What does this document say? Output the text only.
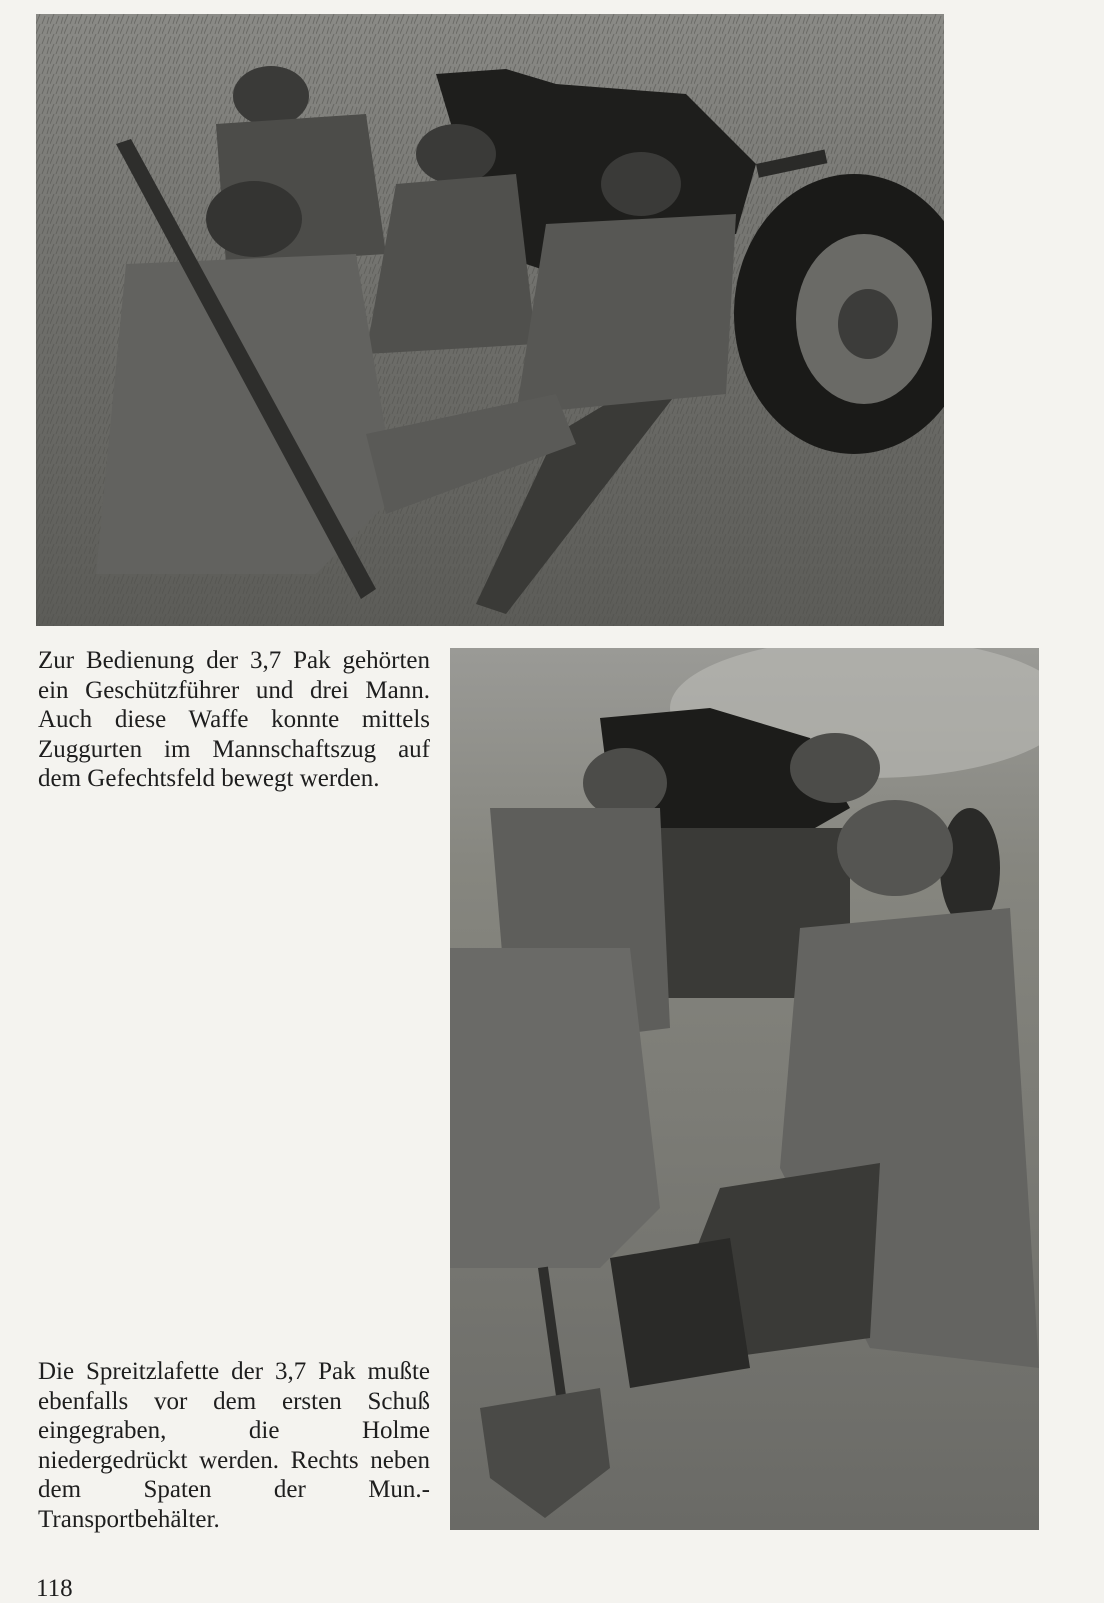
Zur Bedienung der 3,7 Pak gehörten ein Geschützführer und drei Mann. Auch diese Waffe konnte mittels Zuggurten im Mannschaftszug auf dem Gefechtsfeld bewegt werden.

Die Spreitzlafette der 3,7 Pak mußte ebenfalls vor dem ersten Schuß eingegraben, die Holme niedergedrückt werden. Rechts neben dem Spaten der Mun.-Transportbehälter.

118
